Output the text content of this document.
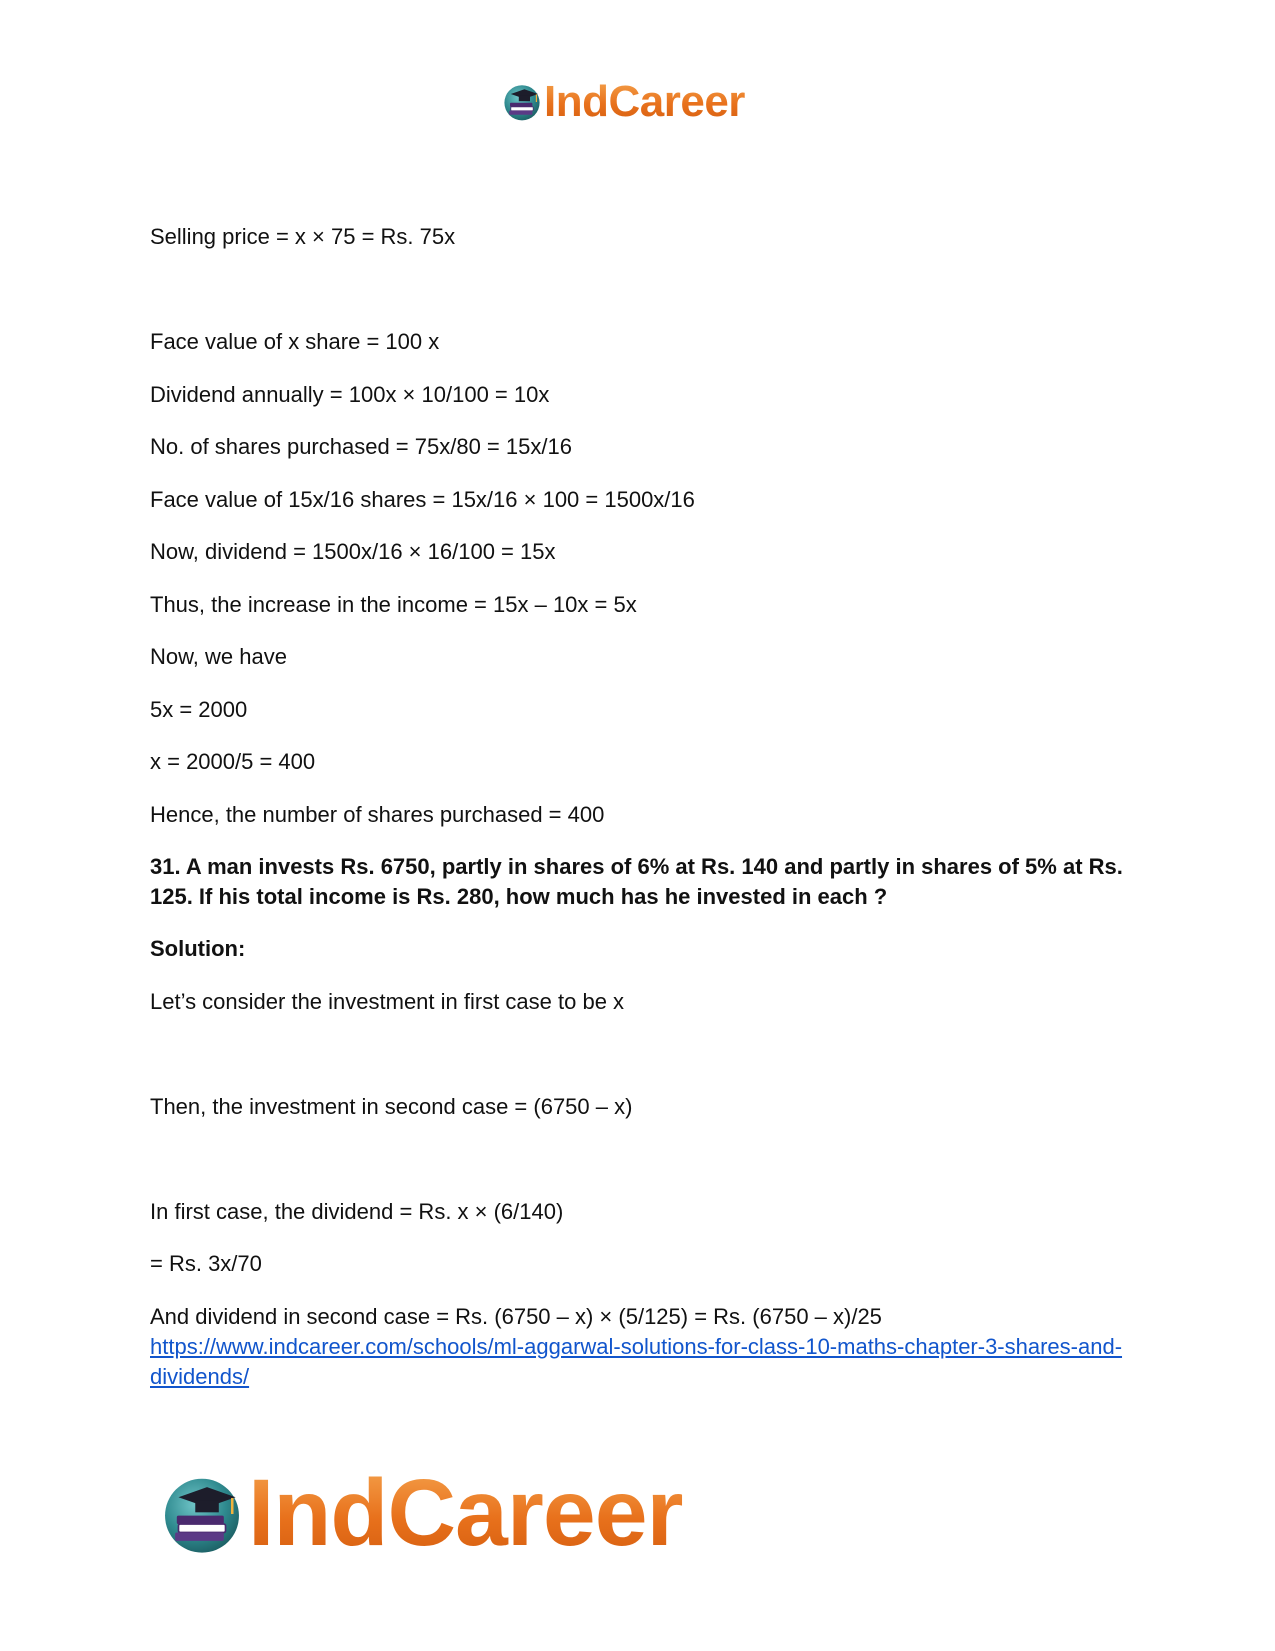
IndCareer
Selling price = x × 75 = Rs. 75x
Face value of x share = 100 x
Dividend annually = 100x × 10/100 = 10x
No. of shares purchased = 75x/80 = 15x/16
Face value of 15x/16 shares = 15x/16 × 100 = 1500x/16
Now, dividend = 1500x/16 × 16/100 = 15x
Thus, the increase in the income = 15x – 10x = 5x
Now, we have
5x = 2000
x = 2000/5 = 400
Hence, the number of shares purchased = 400
31. A man invests Rs. 6750, partly in shares of 6% at Rs. 140 and partly in shares of 5% at Rs. 125. If his total income is Rs. 280, how much has he invested in each ?
Solution:
Let’s consider the investment in first case to be x
Then, the investment in second case = (6750 – x)
In first case, the dividend = Rs. x × (6/140)
= Rs. 3x/70
And dividend in second case = Rs. (6750 – x) × (5/125) = Rs. (6750 – x)/25
https://www.indcareer.com/schools/ml-aggarwal-solutions-for-class-10-maths-chapter-3-shares-and-dividends/
IndCareer
